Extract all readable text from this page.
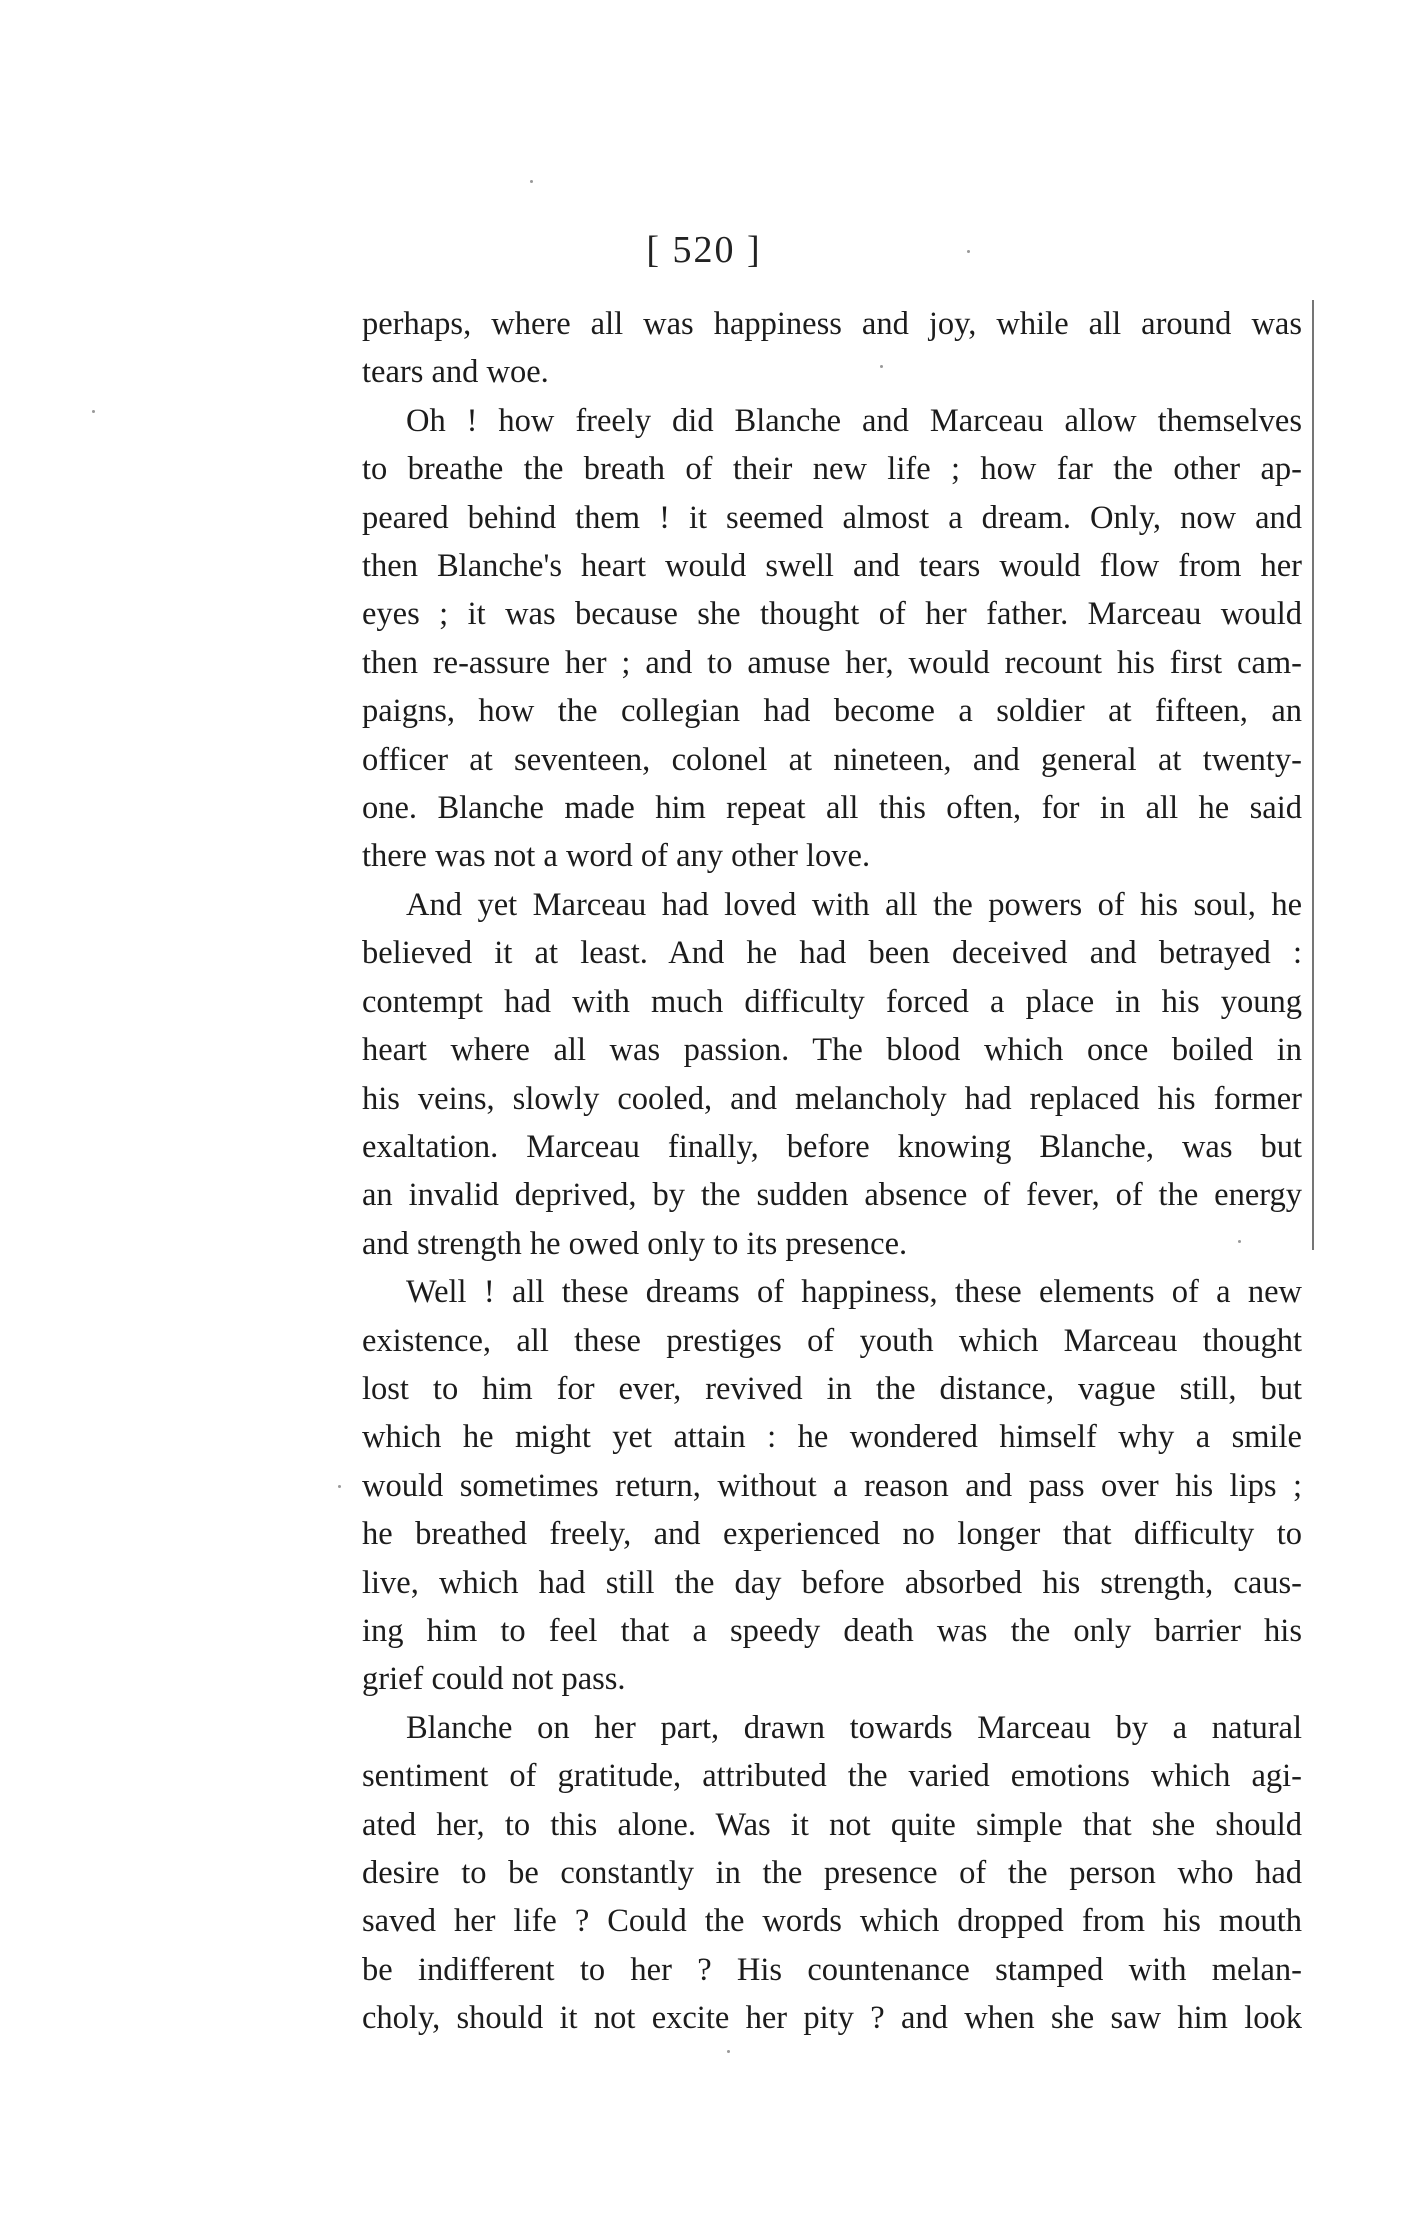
[ 520 ]
perhaps, where all was happiness and joy, while all around was
tears and woe.
Oh ! how freely did Blanche and Marceau allow themselves
to breathe the breath of their new life ; how far the other ap-
peared behind them ! it seemed almost a dream. Only, now and
then Blanche's heart would swell and tears would flow from her
eyes ; it was because she thought of her father. Marceau would
then re-assure her ; and to amuse her, would recount his first cam-
paigns, how the collegian had become a soldier at fifteen, an
officer at seventeen, colonel at nineteen, and general at twenty-
one. Blanche made him repeat all this often, for in all he said
there was not a word of any other love.
And yet Marceau had loved with all the powers of his soul, he
believed it at least. And he had been deceived and betrayed :
contempt had with much difficulty forced a place in his young
heart where all was passion. The blood which once boiled in
his veins, slowly cooled, and melancholy had replaced his former
exaltation. Marceau finally, before knowing Blanche, was but
an invalid deprived, by the sudden absence of fever, of the energy
and strength he owed only to its presence.
Well ! all these dreams of happiness, these elements of a new
existence, all these prestiges of youth which Marceau thought
lost to him for ever, revived in the distance, vague still, but
which he might yet attain : he wondered himself why a smile
would sometimes return, without a reason and pass over his lips ;
he breathed freely, and experienced no longer that difficulty to
live, which had still the day before absorbed his strength, caus-
ing him to feel that a speedy death was the only barrier his
grief could not pass.
Blanche on her part, drawn towards Marceau by a natural
sentiment of gratitude, attributed the varied emotions which agi-
ated her, to this alone. Was it not quite simple that she should
desire to be constantly in the presence of the person who had
saved her life ? Could the words which dropped from his mouth
be indifferent to her ? His countenance stamped with melan-
choly, should it not excite her pity ? and when she saw him look
